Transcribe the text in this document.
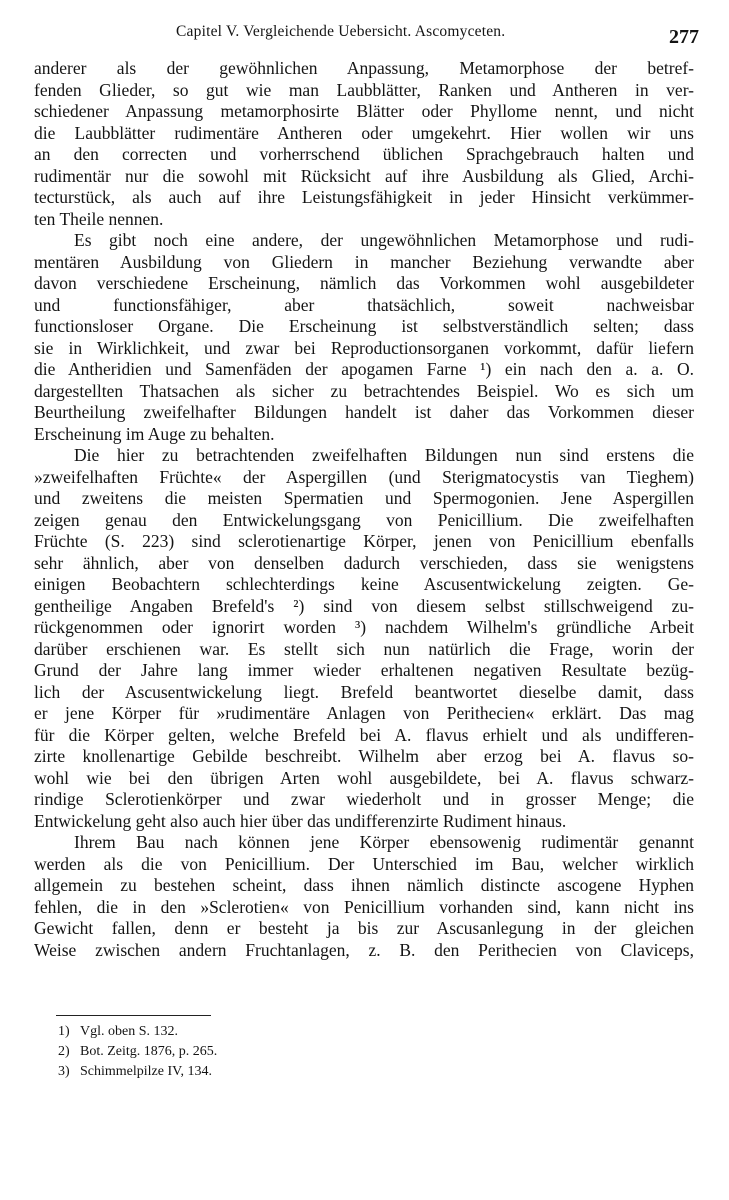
Capitel V. Vergleichende Uebersicht. Ascomyceten.	277
anderer als der gewöhnlichen Anpassung, Metamorphose der betref-
fenden Glieder, so gut wie man Laubblätter, Ranken und Antheren in ver-
schiedener Anpassung metamorphosirte Blätter oder Phyllome nennt, und nicht
die Laubblätter rudimentäre Antheren oder umgekehrt. Hier wollen wir uns
an den correcten und vorherrschend üblichen Sprachgebrauch halten und
rudimentär nur die sowohl mit Rücksicht auf ihre Ausbildung als Glied, Archi-
tecturstück, als auch auf ihre Leistungsfähigkeit in jeder Hinsicht verkümmer-
ten Theile nennen.
Es gibt noch eine andere, der ungewöhnlichen Metamorphose und rudi-
mentären Ausbildung von Gliedern in mancher Beziehung verwandte aber
davon verschiedene Erscheinung, nämlich das Vorkommen wohl ausgebildeter
und functionsfähiger, aber thatsächlich, soweit nachweisbar
functionsloser Organe. Die Erscheinung ist selbstverständlich selten; dass
sie in Wirklichkeit, und zwar bei Reproductionsorganen vorkommt, dafür liefern
die Antheridien und Samenfäden der apogamen Farne ¹) ein nach den a. a. O.
dargestellten Thatsachen als sicher zu betrachtendes Beispiel. Wo es sich um
Beurtheilung zweifelhafter Bildungen handelt ist daher das Vorkommen dieser
Erscheinung im Auge zu behalten.
Die hier zu betrachtenden zweifelhaften Bildungen nun sind erstens die
»zweifelhaften Früchte« der Aspergillen (und Sterigmatocystis van Tieghem)
und zweitens die meisten Spermatien und Spermogonien. Jene Aspergillen
zeigen genau den Entwickelungsgang von Penicillium. Die zweifelhaften
Früchte (S. 223) sind sclerotienartige Körper, jenen von Penicillium ebenfalls
sehr ähnlich, aber von denselben dadurch verschieden, dass sie wenigstens
einigen Beobachtern schlechterdings keine Ascusentwickelung zeigten. Ge-
gentheilige Angaben Brefeld's ²) sind von diesem selbst stillschweigend zu-
rückgenommen oder ignorirt worden ³) nachdem Wilhelm's gründliche Arbeit
darüber erschienen war. Es stellt sich nun natürlich die Frage, worin der
Grund der Jahre lang immer wieder erhaltenen negativen Resultate bezüg-
lich der Ascusentwickelung liegt. Brefeld beantwortet dieselbe damit, dass
er jene Körper für »rudimentäre Anlagen von Perithecien« erklärt. Das mag
für die Körper gelten, welche Brefeld bei A. flavus erhielt und als undifferen-
zirte knollenartige Gebilde beschreibt. Wilhelm aber erzog bei A. flavus so-
wohl wie bei den übrigen Arten wohl ausgebildete, bei A. flavus schwarz-
rindige Sclerotienkörper und zwar wiederholt und in grosser Menge; die
Entwickelung geht also auch hier über das undifferenzirte Rudiment hinaus.
Ihrem Bau nach können jene Körper ebensowenig rudimentär genannt
werden als die von Penicillium. Der Unterschied im Bau, welcher wirklich
allgemein zu bestehen scheint, dass ihnen nämlich distincte ascogene Hyphen
fehlen, die in den »Sclerotien« von Penicillium vorhanden sind, kann nicht ins
Gewicht fallen, denn er besteht ja bis zur Ascusanlegung in der gleichen
Weise zwischen andern Fruchtanlagen, z. B. den Perithecien von Claviceps,
1) Vgl. oben S. 132.
2) Bot. Zeitg. 1876, p. 265.
3) Schimmelpilze IV, 134.
